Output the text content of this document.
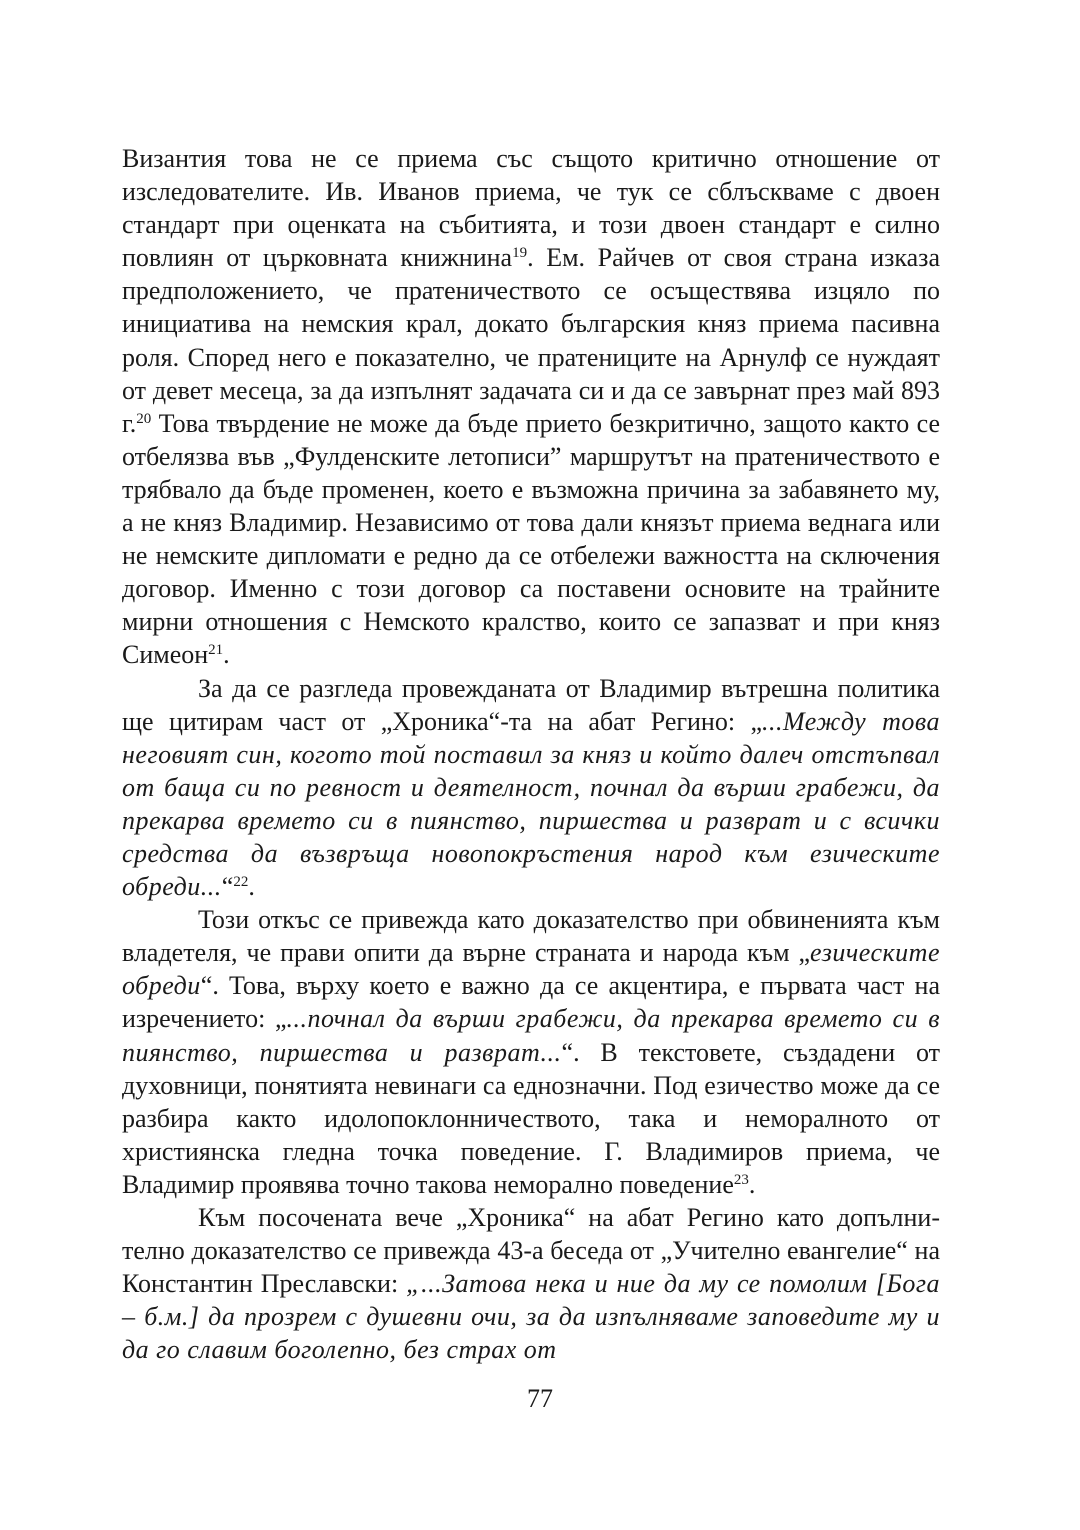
Византия това не се приема със същото критично отношение от изследователите. Ив. Иванов приема, че тук се сблъскваме с двоен стандарт при оценката на събитията, и този двоен стандарт е силно повлиян от църковната книжнина$^{19}$. Ем. Райчев от своя страна изказа предположението, че пратеничеството се осъществява изцяло по инициатива на немския крал, докато българския княз приема пасивна роля. Според него е показателно, че пратениците на Арнулф се нуждаят от девет месеца, за да изпълнят задачата си и да се завърнат през май 893 г.$^{20}$ Това твърдение не може да бъде прието безкритично, защото както се отбелязва във „Фулденските летописи” маршрутът на пратеничеството е трябвало да бъде променен, което е възможна причина за забавянето му, а не княз Владимир. Независимо от това дали князът приема веднага или не немските дипломати е редно да се отбележи важността на сключения договор. Именно с този договор са поставени основите на трайните мирни отношения с Немското кралство, които се запазват и при княз Симеон$^{21}$.

За да се разгледа провежданата от Владимир вътрешна политика ще цитирам част от „Хроника“-та на абат Регино: „...Между това неговият син, когото той поставил за княз и който далеч отстъпвал от баща си по ревност и деятелност, почнал да върши грабежи, да прекарва времето си в пиянство, пиршества и разврат и с всички средства да възвръща новопокръстения народ към езическите обреди...“$^{22}$.

Този откъс се привежда като доказателство при обвиненията към владетеля, че прави опити да върне страната и народа към „езическите обреди“. Това, върху което е важно да се акцентира, е първата част на изречението: „...почнал да върши грабежи, да прекарва времето си в пиянство, пиршества и разврат...“. В текстовете, създадени от духовници, понятията невинаги са еднозначни. Под езичество може да се разбира както идолопоклонничеството, така и неморалното от християнска гледна точка поведение. Г. Владимиров приема, че Владимир проявява точно такова неморално поведение$^{23}$.

Към посочената вече „Хроника“ на абат Регино като допълнително доказателство се привежда 43-а беседа от „Учително евангелие“ на Константин Преславски: „...Затова нека и ние да му се помолим [Бога – б.м.] да прозрем с душевни очи, за да изпълняваме заповедите му и да го славим боголепно, без страх от

77
